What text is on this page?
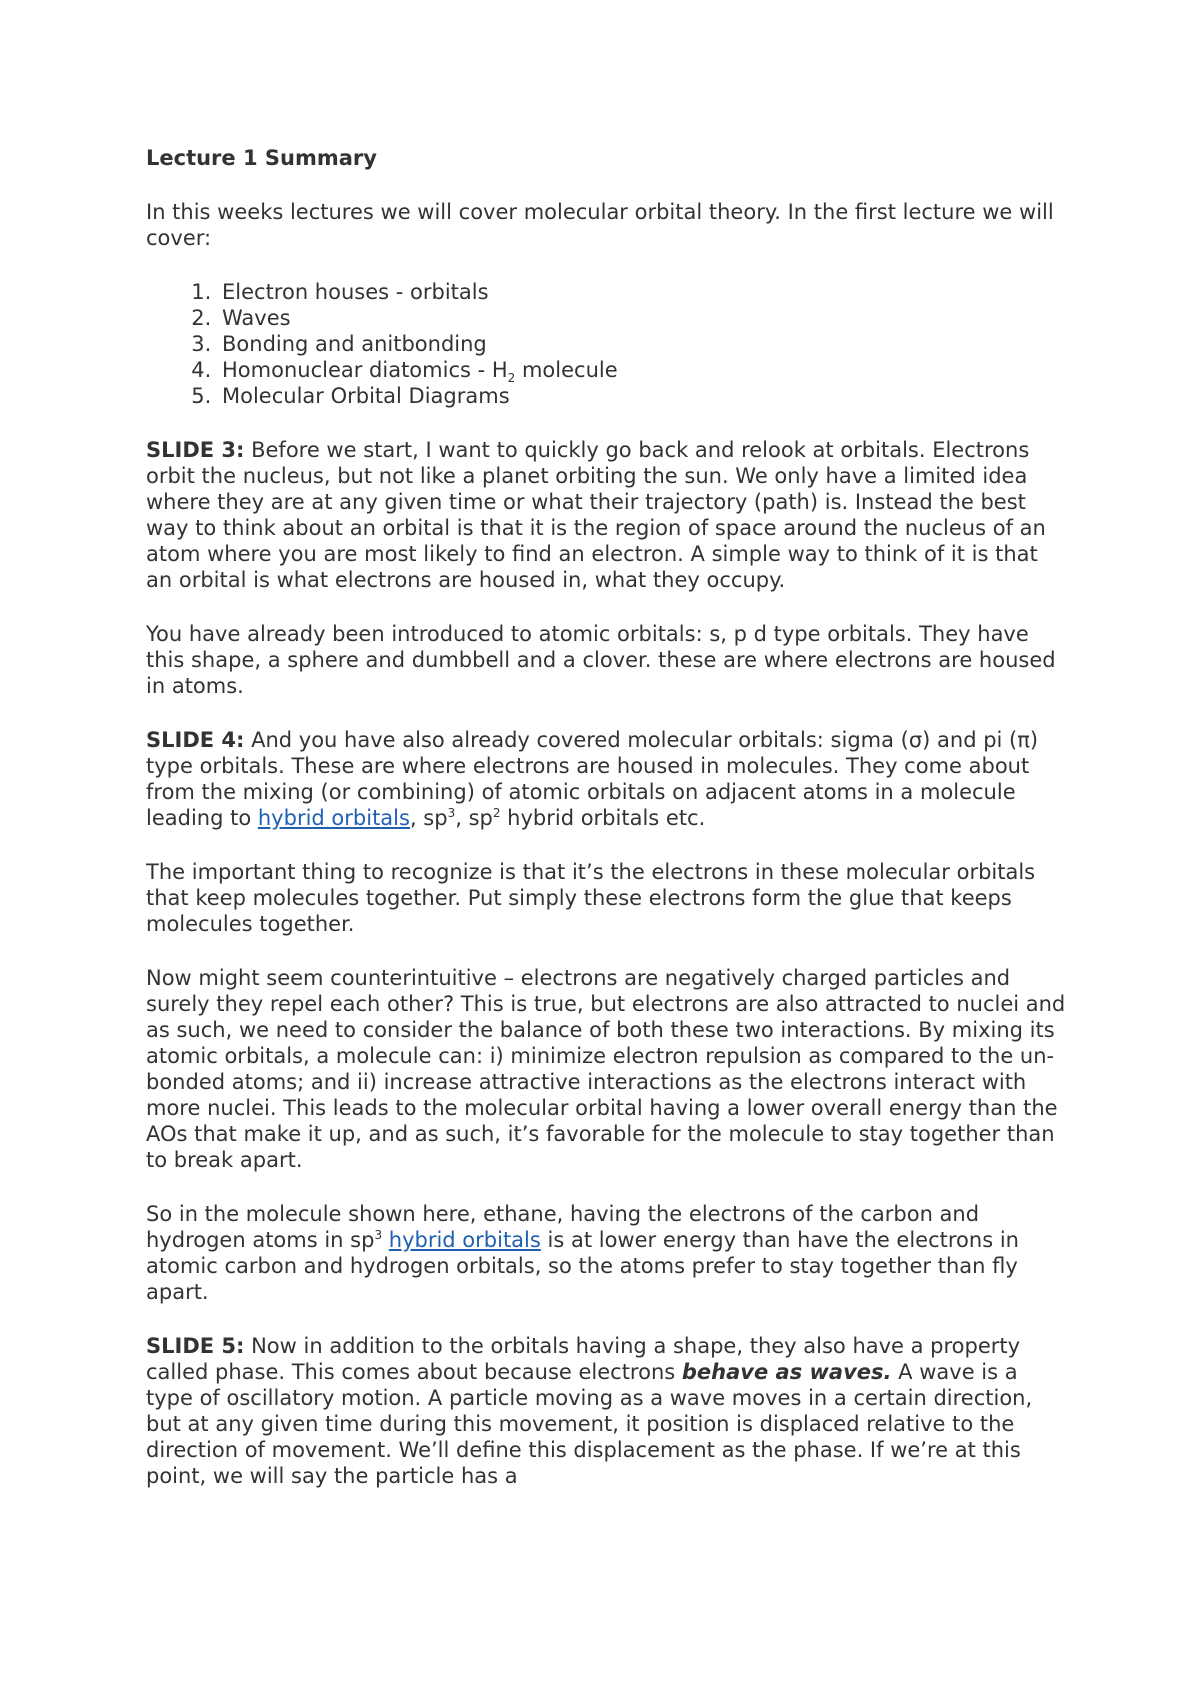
Lecture 1 Summary

In this weeks lectures we will cover molecular orbital theory. In the first lecture we will cover:

1. Electron houses - orbitals
2. Waves
3. Bonding and anitbonding
4. Homonuclear diatomics - $H_2$ molecule
5. Molecular Orbital Diagrams

SLIDE 3: Before we start, I want to quickly go back and relook at orbitals. Electrons orbit the nucleus, but not like a planet orbiting the sun. We only have a limited idea where they are at any given time or what their trajectory (path) is. Instead the best way to think about an orbital is that it is the region of space around the nucleus of an atom where you are most likely to find an electron. A simple way to think of it is that an orbital is what electrons are housed in, what they occupy.

You have already been introduced to atomic orbitals: s, p d type orbitals. They have this shape, a sphere and dumbbell and a clover. these are where electrons are housed in atoms.

SLIDE 4: And you have also already covered molecular orbitals: sigma (σ) and pi (π) type orbitals. These are where electrons are housed in molecules. They come about from the mixing (or combining) of atomic orbitals on adjacent atoms in a molecule leading to hybrid orbitals, $sp^3$, $sp^2$ hybrid orbitals etc.

The important thing to recognize is that it’s the electrons in these molecular orbitals that keep molecules together. Put simply these electrons form the glue that keeps molecules together.

Now might seem counterintuitive – electrons are negatively charged particles and surely they repel each other? This is true, but electrons are also attracted to nuclei and as such, we need to consider the balance of both these two interactions. By mixing its atomic orbitals, a molecule can: i) minimize electron repulsion as compared to the un-bonded atoms; and ii) increase attractive interactions as the electrons interact with more nuclei. This leads to the molecular orbital having a lower overall energy than the AOs that make it up, and as such, it’s favorable for the molecule to stay together than to break apart.

So in the molecule shown here, ethane, having the electrons of the carbon and hydrogen atoms in $sp^3$ hybrid orbitals is at lower energy than have the electrons in atomic carbon and hydrogen orbitals, so the atoms prefer to stay together than fly apart.

SLIDE 5: Now in addition to the orbitals having a shape, they also have a property called phase. This comes about because electrons behave as waves. A wave is a type of oscillatory motion. A particle moving as a wave moves in a certain direction, but at any given time during this movement, it position is displaced relative to the direction of movement. We’ll define this displacement as the phase. If we’re at this point, we will say the particle has a
